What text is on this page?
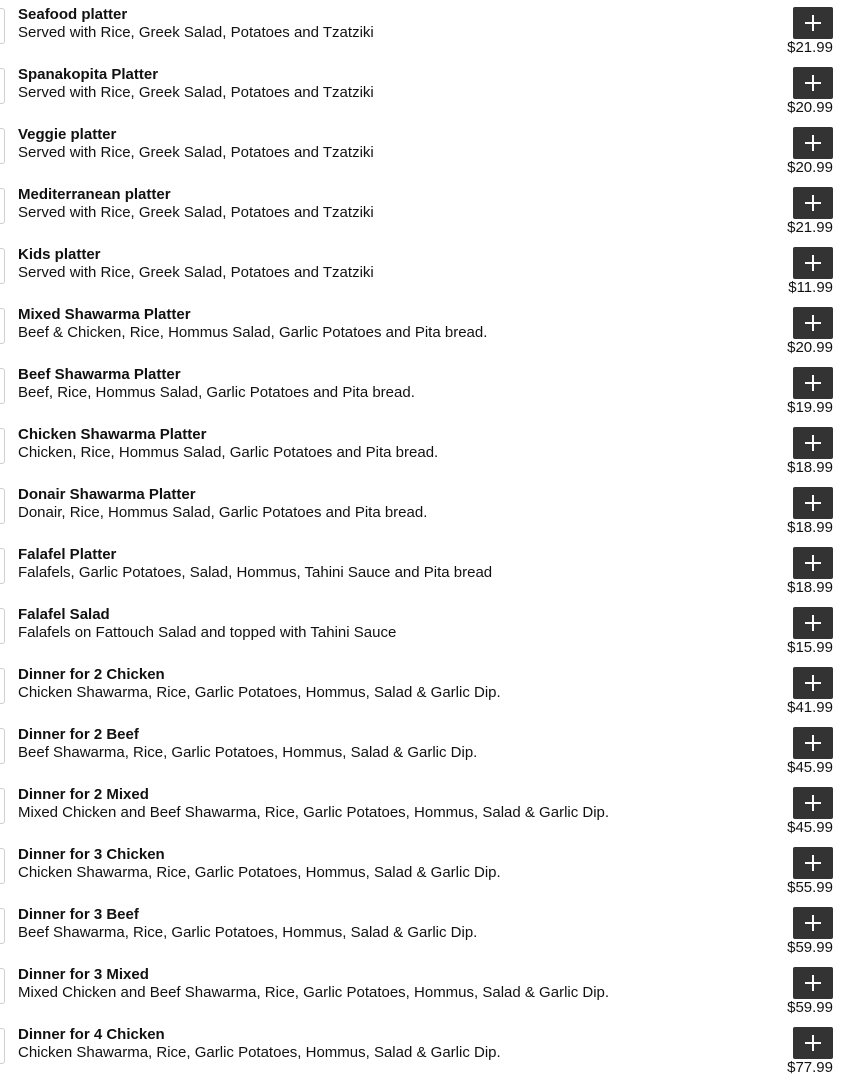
Seafood platter
Served with Rice, Greek Salad, Potatoes and Tzatziki
$21.99
Spanakopita Platter
Served with Rice, Greek Salad, Potatoes and Tzatziki
$20.99
Veggie platter
Served with Rice, Greek Salad, Potatoes and Tzatziki
$20.99
Mediterranean platter
Served with Rice, Greek Salad, Potatoes and Tzatziki
$21.99
Kids platter
Served with Rice, Greek Salad, Potatoes and Tzatziki
$11.99
Mixed Shawarma Platter
Beef & Chicken, Rice, Hommus Salad, Garlic Potatoes and Pita bread.
$20.99
Beef Shawarma Platter
Beef, Rice, Hommus Salad, Garlic Potatoes and Pita bread.
$19.99
Chicken Shawarma Platter
Chicken, Rice, Hommus Salad, Garlic Potatoes and Pita bread.
$18.99
Donair Shawarma Platter
Donair, Rice, Hommus Salad, Garlic Potatoes and Pita bread.
$18.99
Falafel Platter
Falafels, Garlic Potatoes, Salad, Hommus, Tahini Sauce and Pita bread
$18.99
Falafel Salad
Falafels on Fattouch Salad and topped with Tahini Sauce
$15.99
Dinner for 2 Chicken
Chicken Shawarma, Rice, Garlic Potatoes, Hommus, Salad & Garlic Dip.
$41.99
Dinner for 2 Beef
Beef Shawarma, Rice, Garlic Potatoes, Hommus, Salad & Garlic Dip.
$45.99
Dinner for 2 Mixed
Mixed Chicken and Beef Shawarma, Rice, Garlic Potatoes, Hommus, Salad & Garlic Dip.
$45.99
Dinner for 3 Chicken
Chicken Shawarma, Rice, Garlic Potatoes, Hommus, Salad & Garlic Dip.
$55.99
Dinner for 3 Beef
Beef Shawarma, Rice, Garlic Potatoes, Hommus, Salad & Garlic Dip.
$59.99
Dinner for 3 Mixed
Mixed Chicken and Beef Shawarma, Rice, Garlic Potatoes, Hommus, Salad & Garlic Dip.
$59.99
Dinner for 4 Chicken
Chicken Shawarma, Rice, Garlic Potatoes, Hommus, Salad & Garlic Dip.
$77.99
